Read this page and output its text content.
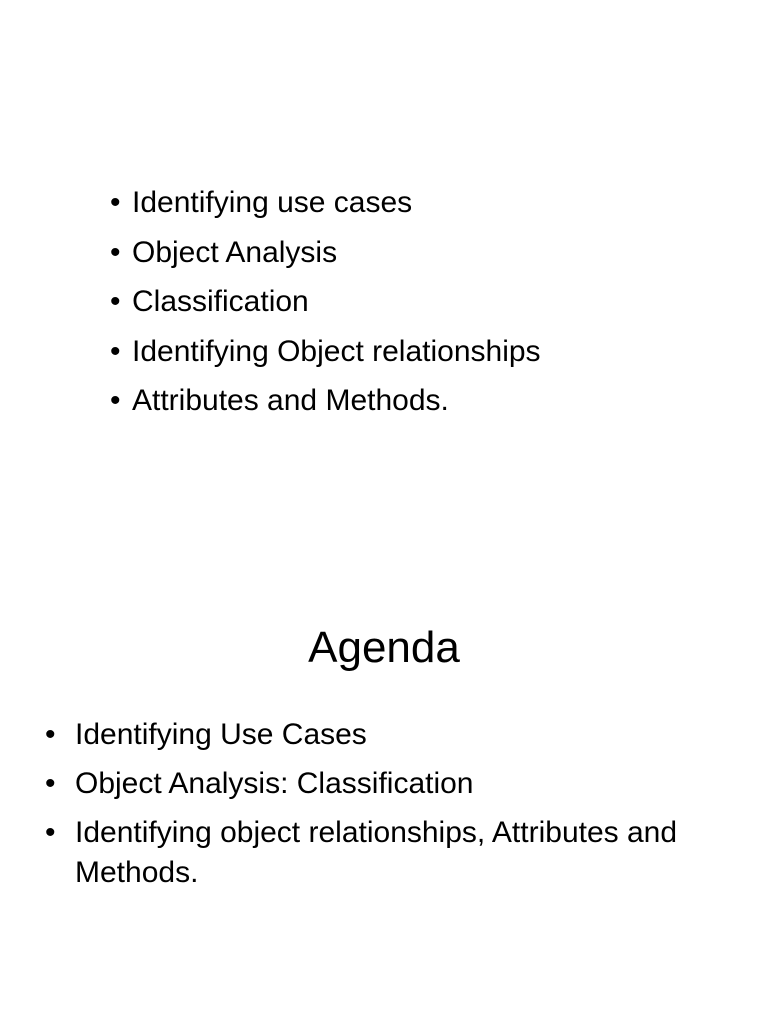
• Identifying use cases
• Object Analysis
• Classification
• Identifying Object relationships
• Attributes and Methods.
Agenda
• Identifying Use Cases
• Object Analysis: Classification
• Identifying object relationships, Attributes and Methods.
